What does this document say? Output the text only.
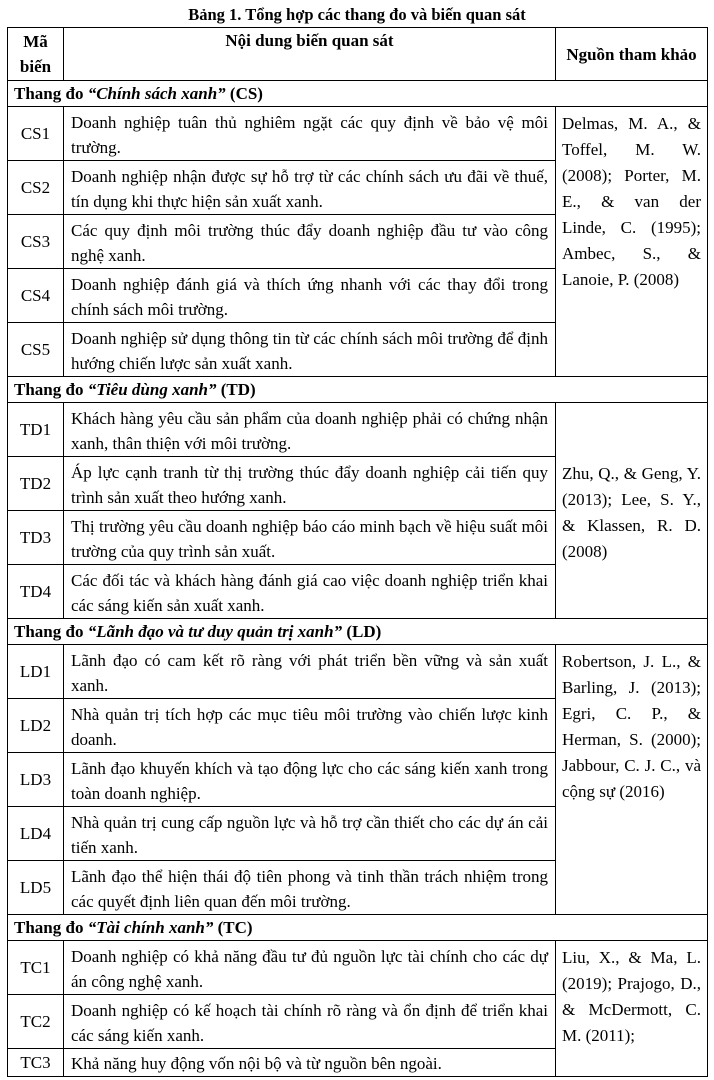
Bảng 1. Tổng hợp các thang đo và biến quan sát
Mã biến	Nội dung biến quan sát	Nguồn tham khảo
Thang đo “Chính sách xanh” (CS)		
CS1	Doanh nghiệp tuân thủ nghiêm ngặt các quy định về bảo vệ môi trường.	Delmas, M. A., & Toffel, M. W. (2008); Porter, M. E., & van der Linde, C. (1995); Ambec, S., & Lanoie, P. (2008)
CS2	Doanh nghiệp nhận được sự hỗ trợ từ các chính sách ưu đãi về thuế, tín dụng khi thực hiện sản xuất xanh.	
CS3	Các quy định môi trường thúc đẩy doanh nghiệp đầu tư vào công nghệ xanh.	
CS4	Doanh nghiệp đánh giá và thích ứng nhanh với các thay đổi trong chính sách môi trường.	
CS5	Doanh nghiệp sử dụng thông tin từ các chính sách môi trường để định hướng chiến lược sản xuất xanh.	
Thang đo “Tiêu dùng xanh” (TD)		
TD1	Khách hàng yêu cầu sản phẩm của doanh nghiệp phải có chứng nhận xanh, thân thiện với môi trường.	Zhu, Q., & Geng, Y. (2013); Lee, S. Y., & Klassen, R. D. (2008)
TD2	Áp lực cạnh tranh từ thị trường thúc đẩy doanh nghiệp cải tiến quy trình sản xuất theo hướng xanh.	
TD3	Thị trường yêu cầu doanh nghiệp báo cáo minh bạch về hiệu suất môi trường của quy trình sản xuất.	
TD4	Các đối tác và khách hàng đánh giá cao việc doanh nghiệp triển khai các sáng kiến sản xuất xanh.	
Thang đo “Lãnh đạo và tư duy quản trị xanh” (LD)		
LD1	Lãnh đạo có cam kết rõ ràng với phát triển bền vững và sản xuất xanh.	Robertson, J. L., & Barling, J. (2013); Egri, C. P., & Herman, S. (2000); Jabbour, C. J. C., và cộng sự (2016)
LD2	Nhà quản trị tích hợp các mục tiêu môi trường vào chiến lược kinh doanh.	
LD3	Lãnh đạo khuyến khích và tạo động lực cho các sáng kiến xanh trong toàn doanh nghiệp.	
LD4	Nhà quản trị cung cấp nguồn lực và hỗ trợ cần thiết cho các dự án cải tiến xanh.	
LD5	Lãnh đạo thể hiện thái độ tiên phong và tinh thần trách nhiệm trong các quyết định liên quan đến môi trường.	
Thang đo “Tài chính xanh” (TC)		
TC1	Doanh nghiệp có khả năng đầu tư đủ nguồn lực tài chính cho các dự án công nghệ xanh.	Liu, X., & Ma, L. (2019); Prajogo, D., & McDermott, C. M. (2011);
TC2	Doanh nghiệp có kế hoạch tài chính rõ ràng và ổn định để triển khai các sáng kiến xanh.	
TC3	Khả năng huy động vốn nội bộ và từ nguồn bên ngoài.	
